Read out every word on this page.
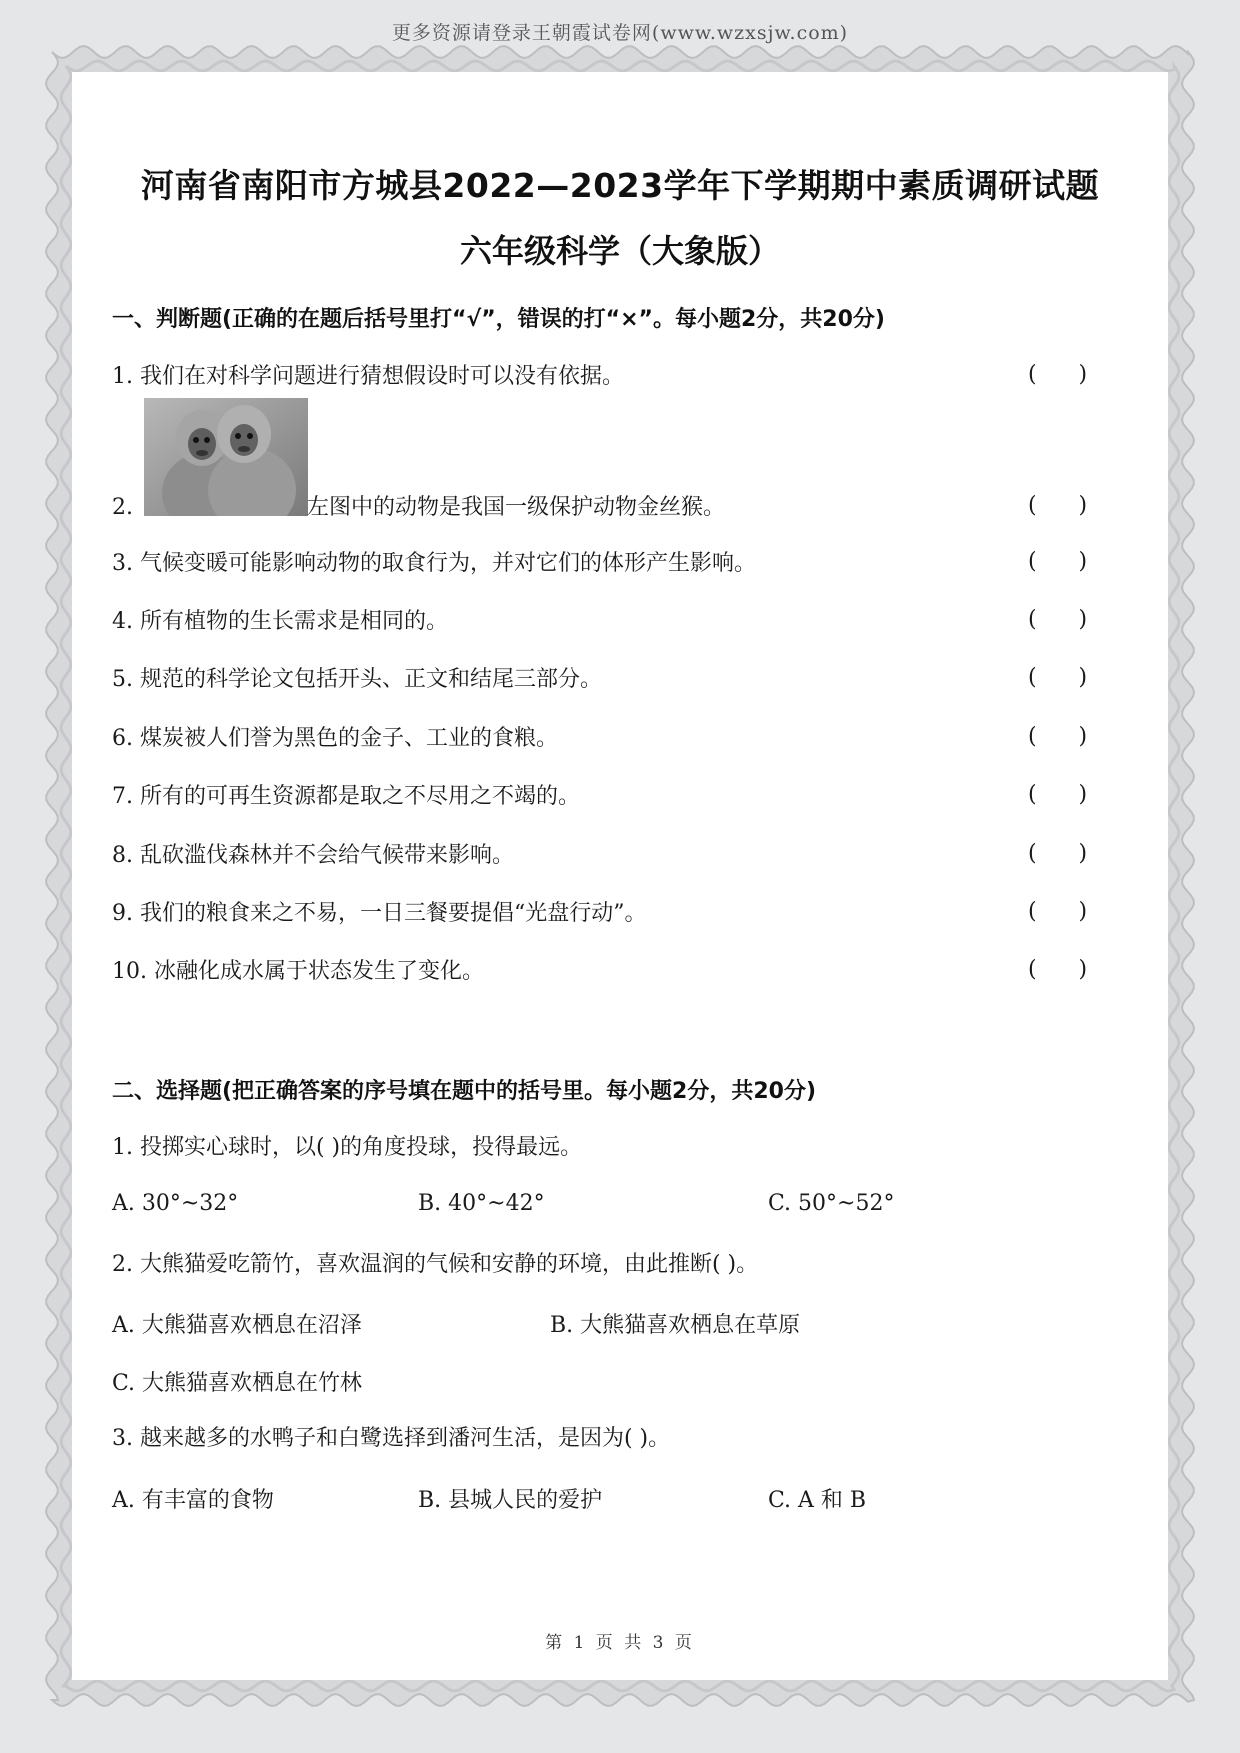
更多资源请登录王朝霞试卷网(www.wzxsjw.com)
河南省南阳市方城县2022—2023学年下学期期中素质调研试题
六年级科学（大象版）
一、判断题(正确的在题后括号里打“√”，错误的打“×”。每小题2分，共20分)
1. 我们在对科学问题进行猜想假设时可以没有依据。	(      )
2.	左图中的动物是我国一级保护动物金丝猴。	(      )
3. 气候变暖可能影响动物的取食行为，并对它们的体形产生影响。	(      )
4. 所有植物的生长需求是相同的。	(      )
5. 规范的科学论文包括开头、正文和结尾三部分。	(      )
6. 煤炭被人们誉为黑色的金子、工业的食粮。	(      )
7. 所有的可再生资源都是取之不尽用之不竭的。	(      )
8. 乱砍滥伐森林并不会给气候带来影响。	(      )
9. 我们的粮食来之不易，一日三餐要提倡“光盘行动”。	(      )
10. 冰融化成水属于状态发生了变化。	(      )
二、选择题(把正确答案的序号填在题中的括号里。每小题2分，共20分)
1. 投掷实心球时，以( )的角度投球，投得最远。
A. 30°~32°	B. 40°~42°	C. 50°~52°
2. 大熊猫爱吃箭竹，喜欢温润的气候和安静的环境，由此推断( )。
A. 大熊猫喜欢栖息在沼泽	B. 大熊猫喜欢栖息在草原
C. 大熊猫喜欢栖息在竹林
3. 越来越多的水鸭子和白鹭选择到潘河生活，是因为( )。
A. 有丰富的食物	B. 县城人民的爱护	C. A 和 B
第 1 页 共 3 页
